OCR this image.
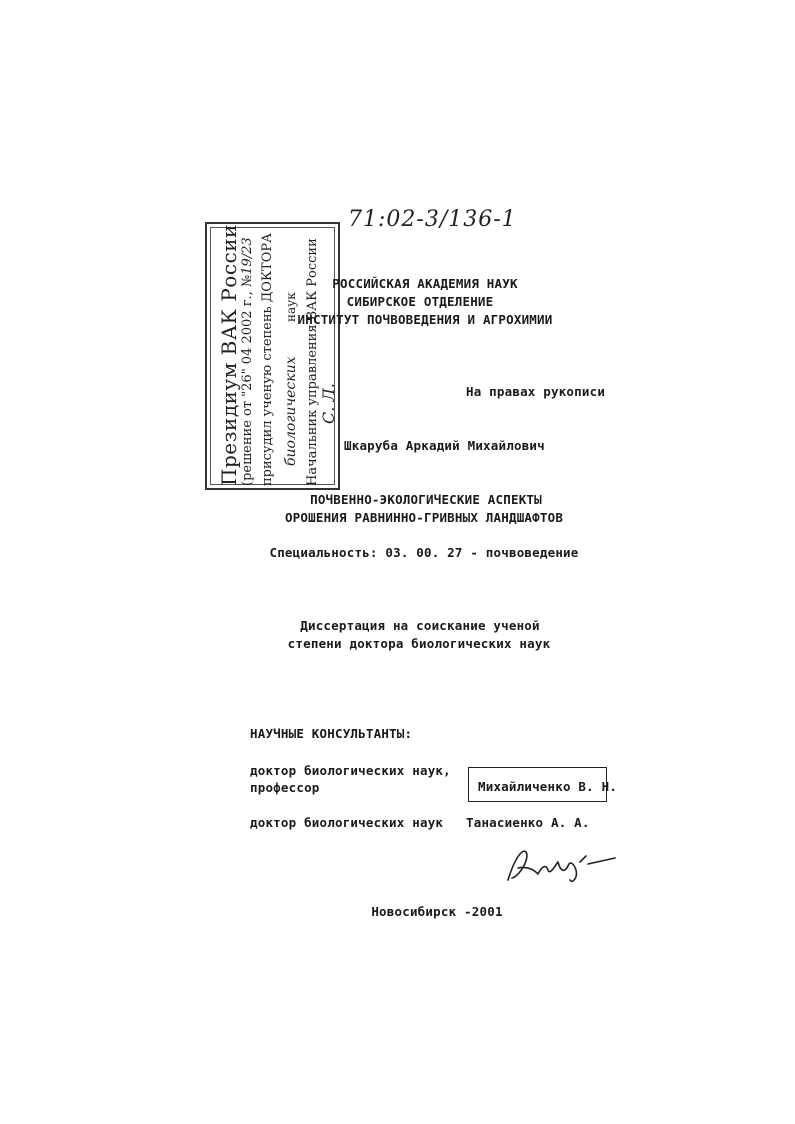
71:02-3/136-1
Президиум ВАК России (решение от "26" 04 2002 г., №19/23 присудил ученую степень ДОКТОРА биологических наук Начальник управления ВАК России С. Л.
РОССИЙСКАЯ АКАДЕМИЯ НАУК
СИБИРСКОЕ ОТДЕЛЕНИЕ
ИНСТИТУТ ПОЧВОВЕДЕНИЯ И АГРОХИМИИ
На правах рукописи
Шкаруба Аркадий Михайлович
ПОЧВЕННО-ЭКОЛОГИЧЕСКИЕ АСПЕКТЫ
ОРОШЕНИЯ РАВНИННО-ГРИВНЫХ ЛАНДШАФТОВ
Специальность: 03. 00. 27 - почвоведение
Диссертация на соискание ученой
степени доктора биологических наук
НАУЧНЫЕ КОНСУЛЬТАНТЫ:
доктор биологических наук,
профессор	Михайличенко В. Н.
доктор биологических наук Танасиенко А. А.
Новосибирск -2001
